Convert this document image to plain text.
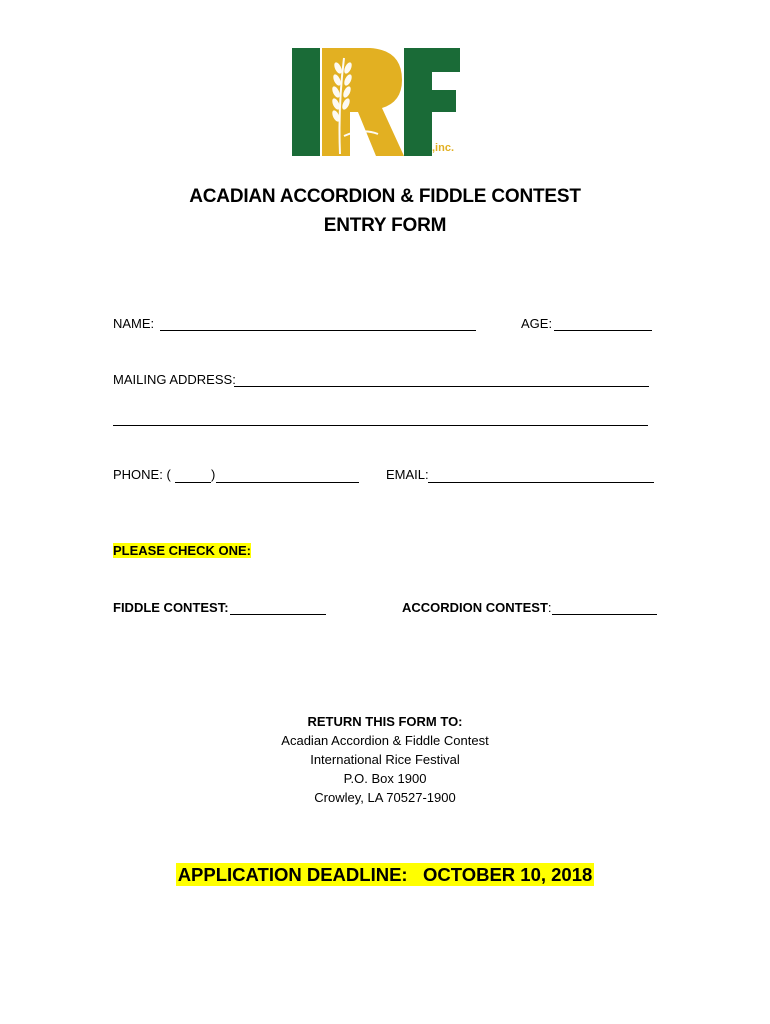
,inc.
ACADIAN ACCORDION & FIDDLE CONTEST
ENTRY FORM
NAME:	AGE:
MAILING ADDRESS:
PHONE: (	)	EMAIL:
PLEASE CHECK ONE:
FIDDLE CONTEST:	ACCORDION CONTEST:
RETURN THIS FORM TO:
Acadian Accordion & Fiddle Contest
International Rice Festival
P.O. Box 1900
Crowley, LA 70527-1900
APPLICATION DEADLINE:   OCTOBER 10, 2018
